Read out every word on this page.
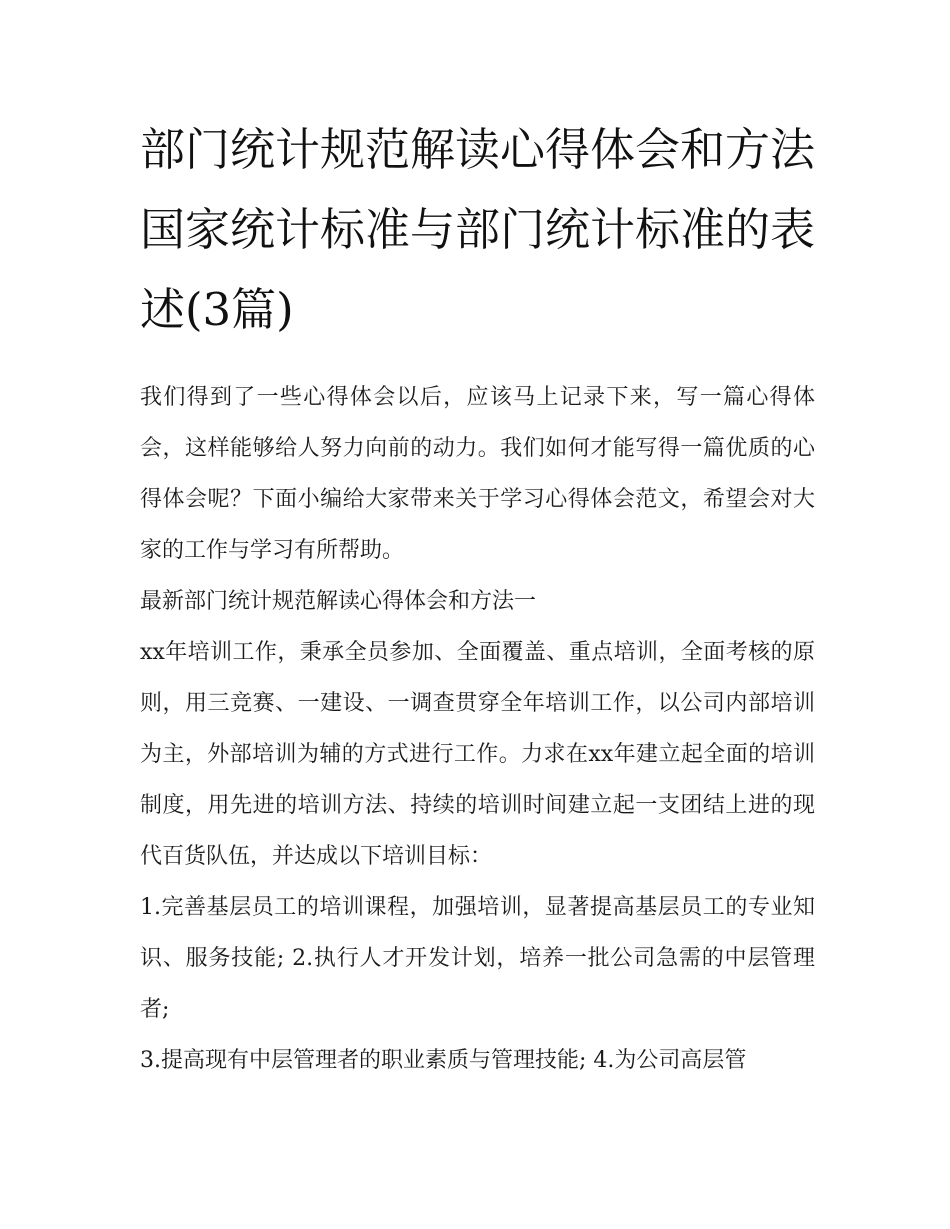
部门统计规范解读心得体会和方法 国家统计标准与部门统计标准的表述(3篇)

我们得到了一些心得体会以后，应该马上记录下来，写一篇心得体会，这样能够给人努力向前的动力。我们如何才能写得一篇优质的心得体会呢？下面小编给大家带来关于学习心得体会范文，希望会对大家的工作与学习有所帮助。

最新部门统计规范解读心得体会和方法一

xx年培训工作，秉承全员参加、全面覆盖、重点培训，全面考核的原则，用三竞赛、一建设、一调查贯穿全年培训工作，以公司内部培训为主，外部培训为辅的方式进行工作。力求在xx年建立起全面的培训制度，用先进的培训方法、持续的培训时间建立起一支团结上进的现代百货队伍，并达成以下培训目标：

1.完善基层员工的培训课程，加强培训，显著提高基层员工的专业知识、服务技能; 2.执行人才开发计划，培养一批公司急需的中层管理者;

3.提高现有中层管理者的职业素质与管理技能; 4.为公司高层管
